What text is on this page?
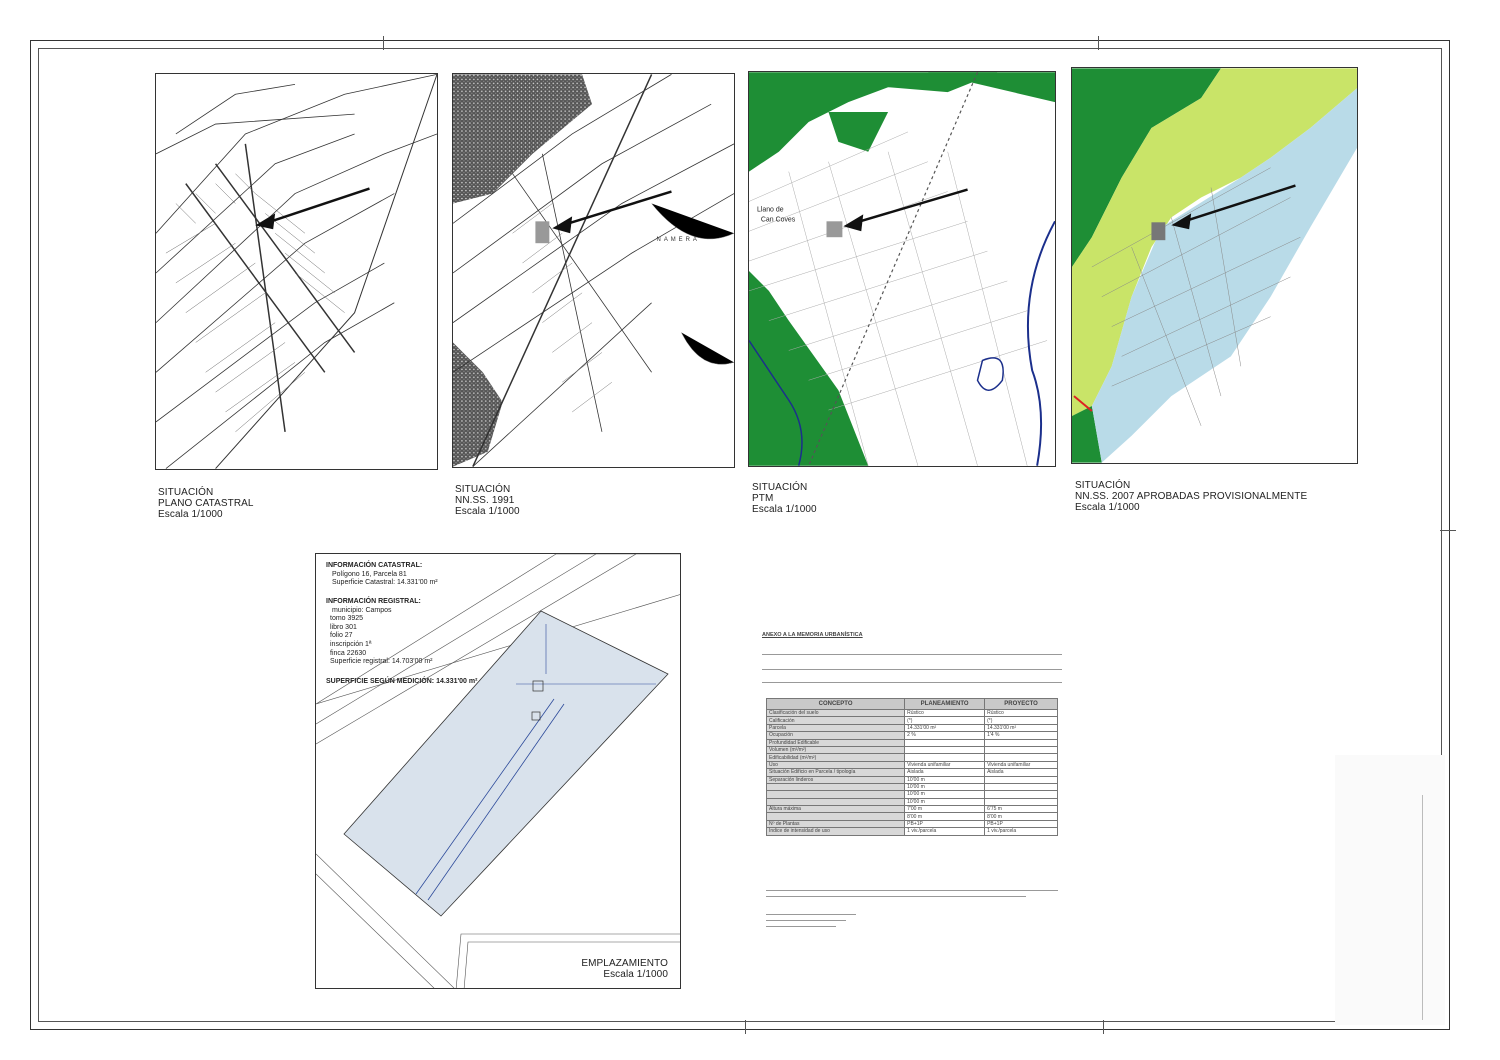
SITUACIÓN
PLANO CATASTRAL
Escala 1/1000
NAMERA
SITUACIÓN
NN.SS. 1991
Escala 1/1000
Llano de
Can Coves
SITUACIÓN
PTM
Escala 1/1000
SITUACIÓN
NN.SS. 2007 APROBADAS PROVISIONALMENTE
Escala 1/1000
INFORMACIÓN CATASTRAL:
Polígono 16, Parcela 81
Superficie Catastral: 14.331'00 m²
INFORMACIÓN REGISTRAL:
municipio: Campos
tomo 3925
libro 301
folio 27
inscripción 1ª
finca 22630
Superficie registral: 14.703'00 m²
SUPERFICIE SEGÚN MEDICIÓN: 14.331'00 m²
EMPLAZAMIENTO
Escala 1/1000
ANEXO A LA MEMORIA URBANÍSTICA
CONCEPTO	PLANEAMIENTO	PROYECTO
Clasificación del suelo	Rústico	Rústico
Calificación	(*)	(*)
Parcela	14.331'00 m²	14.331'00 m²
Ocupación	2 %	1'4 %
Profundidad Edificable		
Volumen (m³/m²)		
Edificabilidad (m²/m²)		
Uso	Vivienda unifamiliar	Vivienda unifamiliar
Situación Edificio en Parcela / tipología	Aislada	Aislada
Separación linderos	10'00 m	
	10'00 m	
	10'00 m	
	10'00 m	
Altura máxima	7'00 m	6'75 m
	8'00 m	8'00 m
Nº de Plantas	PB+1P	PB+1P
Índice de intensidad de uso	1 viv./parcela	1 viv./parcela
